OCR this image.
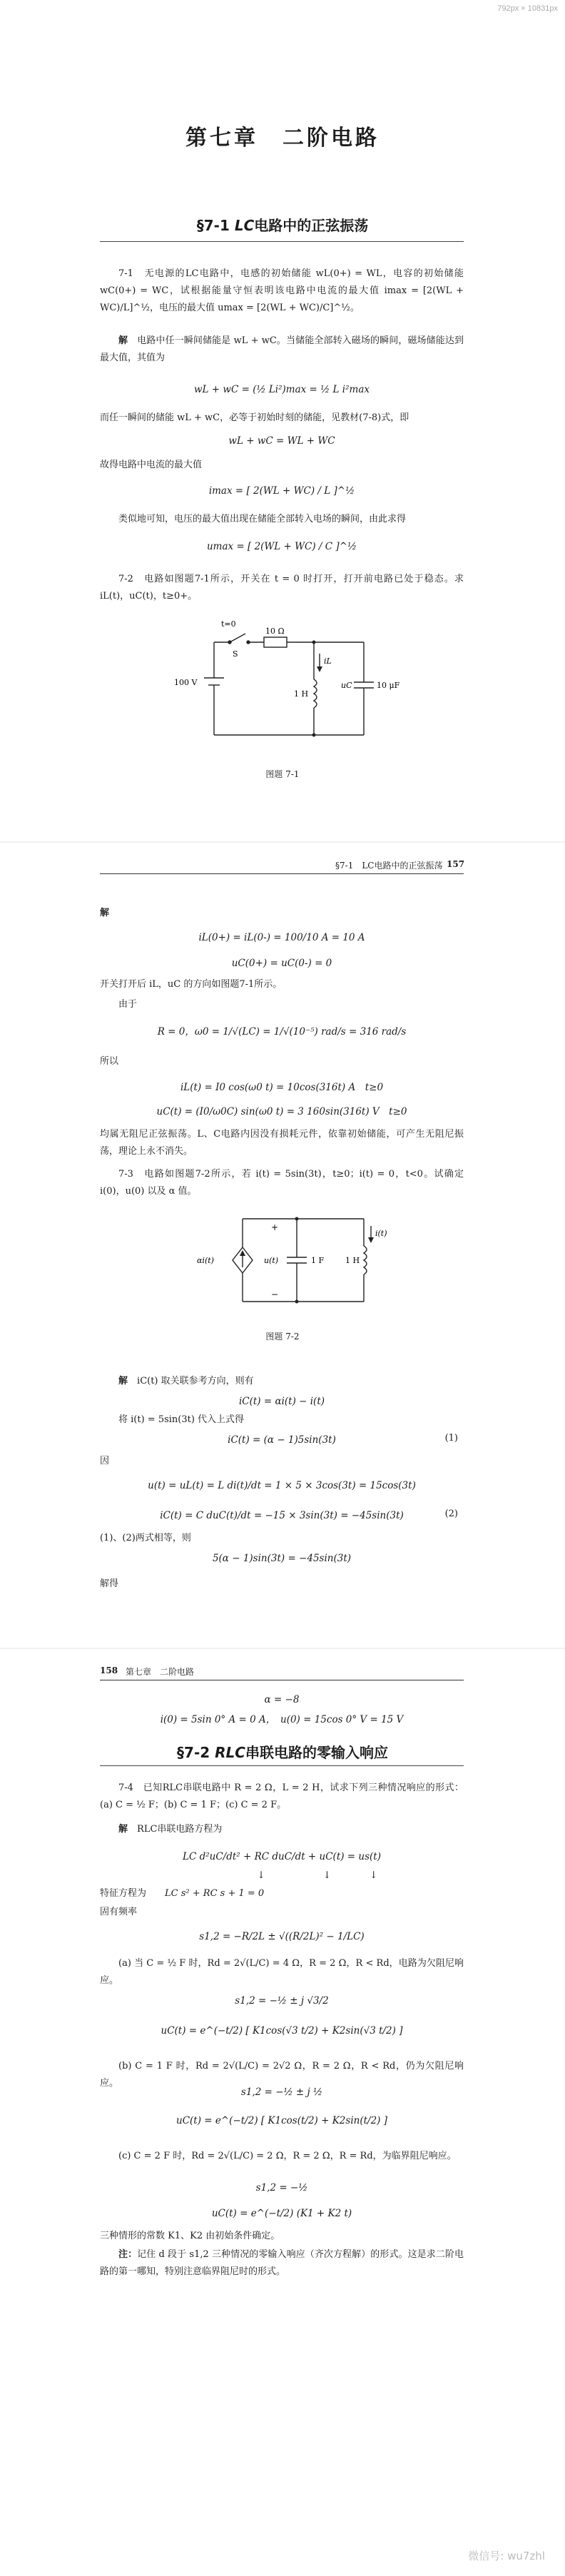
792px × 10831px
第七章　二阶电路
§7-1 LC电路中的正弦振荡
7-1　无电源的LC电路中，电感的初始储能 wL(0+) = WL，电容的初始储能 wC(0+) = WC，试根据能量守恒表明该电路中电流的最大值 imax = [2(WL + WC)/L]^½，电压的最大值 umax = [2(WL + WC)/C]^½。
解　 电路中任一瞬间储能是 wL + wC。当储能全部转入磁场的瞬间，磁场储能达到最大值，其值为
wL + wC = (½ Li²)max = ½ L i²max
而任一瞬间的储能 wL + wC，必等于初始时刻的储能，见教材(7-8)式，即
wL + wC = WL + WC
故得电路中电流的最大值
imax = [ 2(WL + WC) / L ]^½
类似地可知，电压的最大值出现在储能全部转入电场的瞬间，由此求得
umax = [ 2(WL + WC) / C ]^½
7-2　电路如图题7-1所示，开关在 t = 0 时打开，打开前电路已处于稳态。求 iL(t)，uC(t)，t≥0+。
t=0
S
10 Ω
100 V
1 H
iL
uC	10 μF
图题 7-1
§7-1　LC电路中的正弦振荡 157
解
iL(0+) = iL(0-) = 100/10 A = 10 A
uC(0+) = uC(0-) = 0
开关打开后 iL，uC 的方向如图题7-1所示。
由于
R = 0，ω0 = 1/√(LC) = 1/√(10⁻⁵) rad/s = 316 rad/s
所以
iL(t) = I0 cos(ω0 t) = 10cos(316t) A　t≥0
uC(t) = (I0/ω0C) sin(ω0 t) = 3 160sin(316t) V　t≥0
均属无阻尼正弦振荡。L、C电路内因没有损耗元件，依靠初始储能，可产生无阻尼振荡，理论上永不消失。
7-3　电路如图题7-2所示，若 i(t) = 5sin(3t)，t≥0；i(t) = 0，t<0。试确定 i(0)，u(0) 以及 α 值。
αi(t)	u(t)
+
−
1 F	1 H
i(t)
图题 7-2
解　 iC(t) 取关联参考方向，则有
iC(t) = αi(t) − i(t)
将 i(t) = 5sin(3t) 代入上式得
iC(t) = (α − 1)5sin(3t)	(1)
因
u(t) = uL(t) = L di(t)/dt = 1 × 5 × 3cos(3t) = 15cos(3t)
iC(t) = C duC(t)/dt = −15 × 3sin(3t) = −45sin(3t)	(2)
(1)、(2)两式相等，则
5(α − 1)sin(3t) = −45sin(3t)
解得
158 第七章　二阶电路
α = −8
i(0) = 5sin 0° A = 0 A，　u(0) = 15cos 0° V = 15 V
§7-2 RLC串联电路的零输入响应
7-4　已知RLC串联电路中 R = 2 Ω，L = 2 H，试求下列三种情况响应的形式：(a) C = ½ F；(b) C = 1 F；(c) C = 2 F。
解　 RLC串联电路方程为
LC d²uC/dt² + RC duC/dt + uC(t) = us(t)
↓　　　　　　↓　　　　↓
特征方程为　　 LC s² + RC s + 1 = 0
固有频率
s1,2 = −R/2L ± √((R/2L)² − 1/LC)
(a) 当 C = ½ F 时，Rd = 2√(L/C) = 4 Ω，R = 2 Ω，R < Rd，电路为欠阻尼响应。
s1,2 = −½ ± j √3/2
uC(t) = e^(−t/2) [ K1cos(√3 t/2) + K2sin(√3 t/2) ]
(b) C = 1 F 时，Rd = 2√(L/C) = 2√2 Ω，R = 2 Ω，R < Rd，仍为欠阻尼响应。
s1,2 = −½ ± j ½
uC(t) = e^(−t/2) [ K1cos(t/2) + K2sin(t/2) ]
(c) C = 2 F 时，Rd = 2√(L/C) = 2 Ω，R = 2 Ω，R = Rd，为临界阻尼响应。
s1,2 = −½
uC(t) = e^(−t/2) (K1 + K2 t)
三种情形的常数 K1、K2 由初始条件确定。
注：记住 d 段于 s1,2 三种情况的零输入响应（齐次方程解）的形式。这是求二阶电路的第一哪知，特别注意临界阻尼时的形式。
微信号: wu7zhl
